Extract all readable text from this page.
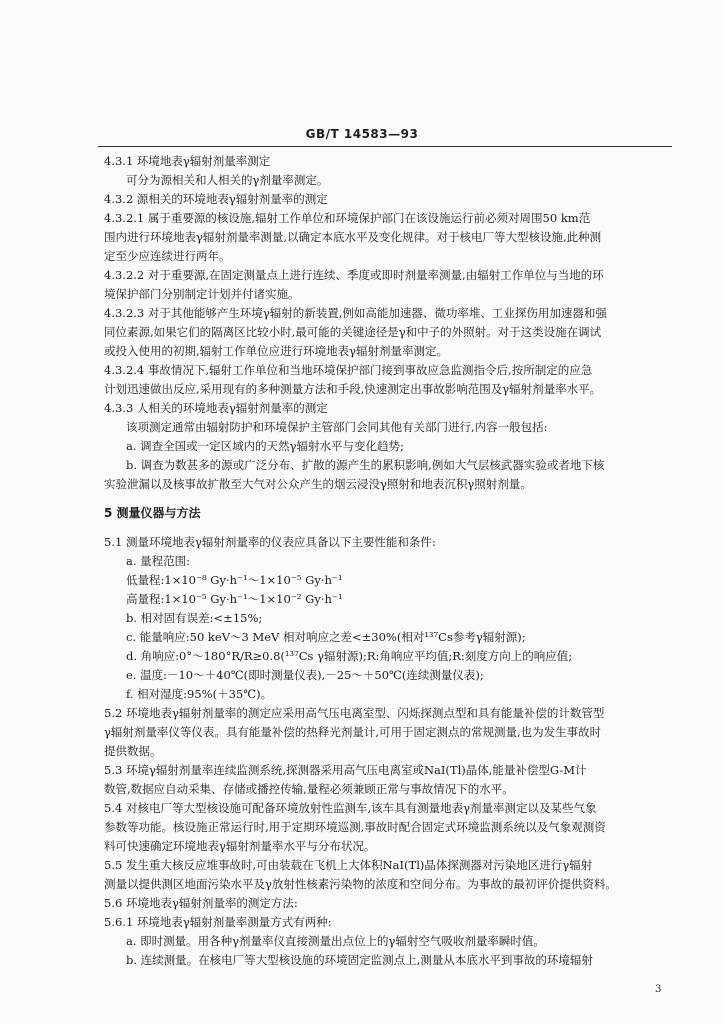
GB/T 14583—93
4.3.1 环境地表γ辐射剂量率测定
可分为源相关和人相关的γ剂量率测定。
4.3.2 源相关的环境地表γ辐射剂量率的测定
4.3.2.1 属于重要源的核设施,辐射工作单位和环境保护部门在该设施运行前必须对周围50 km范
围内进行环境地表γ辐射剂量率测量,以确定本底水平及变化规律。对于核电厂等大型核设施,此种测
定至少应连续进行两年。
4.3.2.2 对于重要源,在固定测量点上进行连续、季度或即时剂量率测量,由辐射工作单位与当地的环
境保护部门分别制定计划并付诸实施。
4.3.2.3 对于其他能够产生环境γ辐射的新装置,例如高能加速器、微功率堆、工业探伤用加速器和强
同位素源,如果它们的隔离区比较小时,最可能的关键途径是γ和中子的外照射。对于这类设施在调试
或投入使用的初期,辐射工作单位应进行环境地表γ辐射剂量率测定。
4.3.2.4 事故情况下,辐射工作单位和当地环境保护部门接到事故应急监测指令后,按所制定的应急
计划迅速做出反应,采用现有的多种测量方法和手段,快速测定出事故影响范围及γ辐射剂量率水平。
4.3.3 人相关的环境地表γ辐射剂量率的测定
该项测定通常由辐射防护和环境保护主管部门会同其他有关部门进行,内容一般包括:
a. 调查全国或一定区域内的天然γ辐射水平与变化趋势;
b. 调查为数甚多的源或广泛分布、扩散的源产生的累积影响,例如大气层核武器实验或者地下核
实验泄漏以及核事故扩散至大气对公众产生的烟云浸没γ照射和地表沉积γ照射剂量。
5 测量仪器与方法
5.1 测量环境地表γ辐射剂量率的仪表应具备以下主要性能和条件:
a. 量程范围:
低量程:1×10⁻⁸ Gy·h⁻¹～1×10⁻⁵ Gy·h⁻¹
高量程:1×10⁻⁵ Gy·h⁻¹～1×10⁻² Gy·h⁻¹
b. 相对固有误差:<±15%;
c. 能量响应:50 keV～3 MeV 相对响应之差<±30%(相对¹³⁷Cs参考γ辐射源);
d. 角响应:0°～180°R/R≥0.8(¹³⁷Cs γ辐射源);R:角响应平均值;R:刻度方向上的响应值;
e. 温度:－10～＋40℃(即时测量仪表),－25～＋50℃(连续测量仪表);
f. 相对湿度:95%(＋35℃)。
5.2 环境地表γ辐射剂量率的测定应采用高气压电离室型、闪烁探测点型和具有能量补偿的计数管型
γ辐射剂量率仪等仪表。具有能量补偿的热释光剂量计,可用于固定测点的常规测量,也为发生事故时
提供数据。
5.3 环境γ辐射剂量率连续监测系统,探测器采用高气压电离室或NaI(Tl)晶体,能量补偿型G-M计
数管,数据应自动采集、存储或播控传输,量程必须兼顾正常与事故情况下的水平。
5.4 对核电厂等大型核设施可配备环境放射性监测车,该车具有测量地表γ剂量率测定以及某些气象
参数等功能。核设施正常运行时,用于定期环境巡测,事故时配合固定式环境监测系统以及气象观测资
料可快速确定环境地表γ辐射剂量率水平与分布状况。
5.5 发生重大核反应堆事故时,可由装载在飞机上大体积NaI(Tl)晶体探测器对污染地区进行γ辐射
测量以提供测区地面污染水平及γ放射性核素污染物的浓度和空间分布。为事故的最初评价提供资料。
5.6 环境地表γ辐射剂量率的测定方法:
5.6.1 环境地表γ辐射剂量率测量方式有两种:
a. 即时测量。用各种γ剂量率仪直接测量出点位上的γ辐射空气吸收剂量率瞬时值。
b. 连续测量。在核电厂等大型核设施的环境固定监测点上,测量从本底水平到事故的环境辐射
3
